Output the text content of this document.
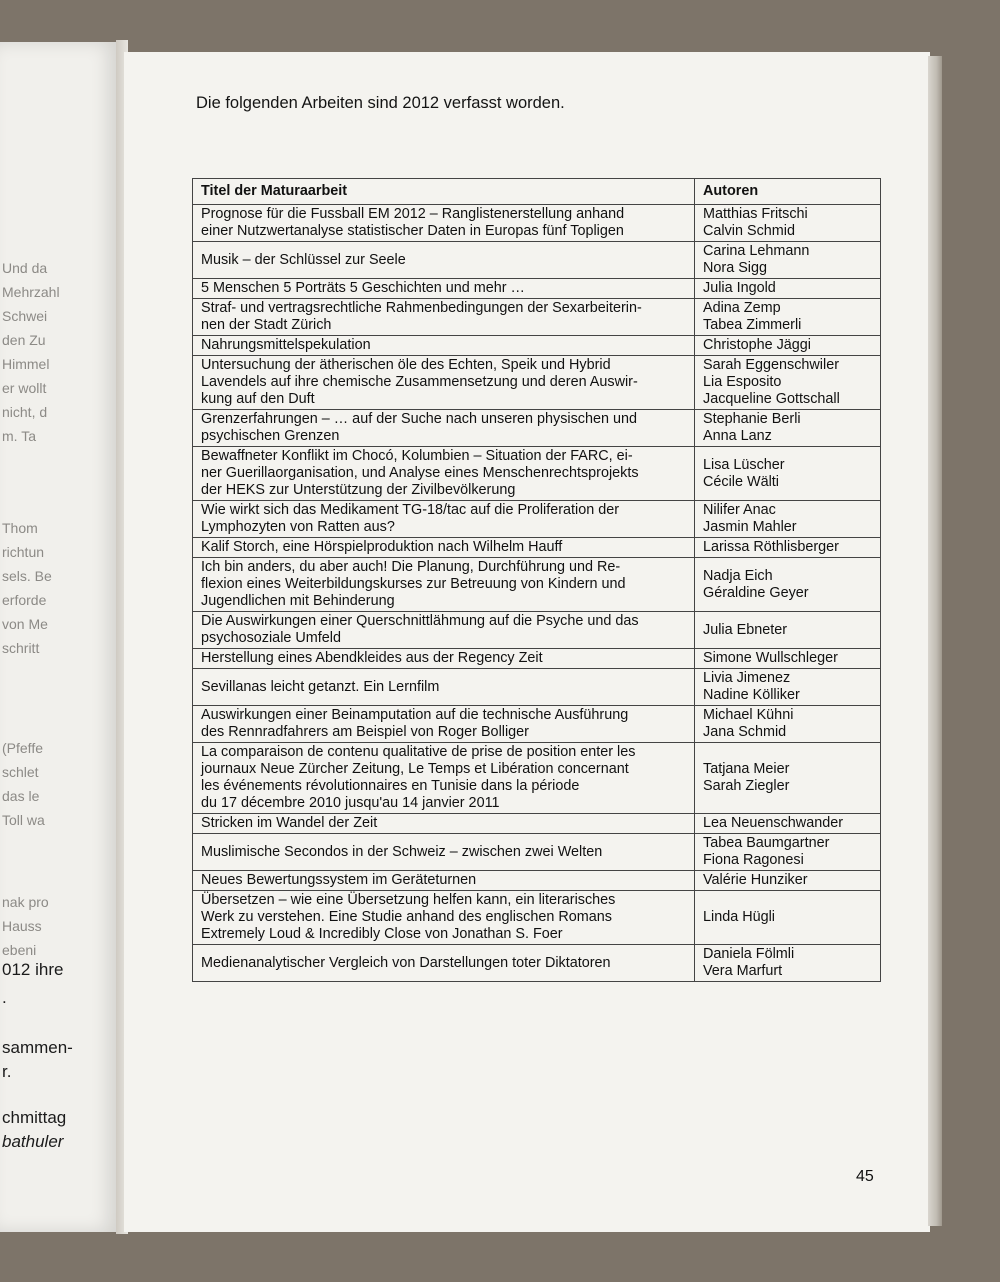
Und da
Mehrzahl
Schwei
den Zu
Himmel
er wollt
nicht, d
m. Ta
Thom
richtun
sels. Be
erforde
von Me
schritt
(Pfeffe
schlet
das le
Toll wa
nak pro
Hauss
ebeni
012 ihre
.
sammen-
r.
chmittag
bathuler
Die folgenden Arbeiten sind 2012 verfasst worden.
Titel der Maturaarbeit	Autoren

Prognose für die Fussball EM 2012 – Ranglistenerstellung anhand
einer Nutzwertanalyse statistischer Daten in Europas fünf Topligen	Matthias Fritschi
Calvin Schmid

Musik – der Schlüssel zur Seele	Carina Lehmann
Nora Sigg

5 Menschen 5 Porträts 5 Geschichten und mehr …	Julia Ingold

Straf- und vertragsrechtliche Rahmenbedingungen der Sexarbeiterin-
nen der Stadt Zürich	Adina Zemp
Tabea Zimmerli

Nahrungsmittelspekulation	Christophe Jäggi

Untersuchung der ätherischen öle des Echten, Speik und Hybrid
Lavendels auf ihre chemische Zusammensetzung und deren Auswir-
kung auf den Duft	Sarah Eggenschwiler
Lia Esposito
Jacqueline Gottschall

Grenzerfahrungen – … auf der Suche nach unseren physischen und
psychischen Grenzen	Stephanie Berli
Anna Lanz

Bewaffneter Konflikt im Chocó, Kolumbien – Situation der FARC, ei-
ner Guerillaorganisation, und Analyse eines Menschenrechtsprojekts
der HEKS zur Unterstützung der Zivilbevölkerung	Lisa Lüscher
Cécile Wälti

Wie wirkt sich das Medikament TG-18/tac auf die Proliferation der
Lymphozyten von Ratten aus?	Nilifer Anac
Jasmin Mahler

Kalif Storch, eine Hörspielproduktion nach Wilhelm Hauff	Larissa Röthlisberger

Ich bin anders, du aber auch! Die Planung, Durchführung und Re-
flexion eines Weiterbildungskurses zur Betreuung von Kindern und
Jugendlichen mit Behinderung	Nadja Eich
Géraldine Geyer

Die Auswirkungen einer Querschnittlähmung auf die Psyche und das
psychosoziale Umfeld	Julia Ebneter

Herstellung eines Abendkleides aus der Regency Zeit	Simone Wullschleger

Sevillanas leicht getanzt. Ein Lernfilm	Livia Jimenez
Nadine Kölliker

Auswirkungen einer Beinamputation auf die technische Ausführung
des Rennradfahrers am Beispiel von Roger Bolliger	Michael Kühni
Jana Schmid

La comparaison de contenu qualitative de prise de position enter les
journaux Neue Zürcher Zeitung, Le Temps et Libération concernant
les événements révolutionnaires en Tunisie dans la période
du 17 décembre 2010 jusqu'au 14 janvier 2011	Tatjana Meier
Sarah Ziegler

Stricken im Wandel der Zeit	Lea Neuenschwander

Muslimische Secondos in der Schweiz – zwischen zwei Welten	Tabea Baumgartner
Fiona Ragonesi

Neues Bewertungssystem im Geräteturnen	Valérie Hunziker

Übersetzen – wie eine Übersetzung helfen kann, ein literarisches
Werk zu verstehen. Eine Studie anhand des englischen Romans
Extremely Loud & Incredibly Close von Jonathan S. Foer	Linda Hügli

Medienanalytischer Vergleich von Darstellungen toter Diktatoren	Daniela Fölmli
Vera Marfurt
45
